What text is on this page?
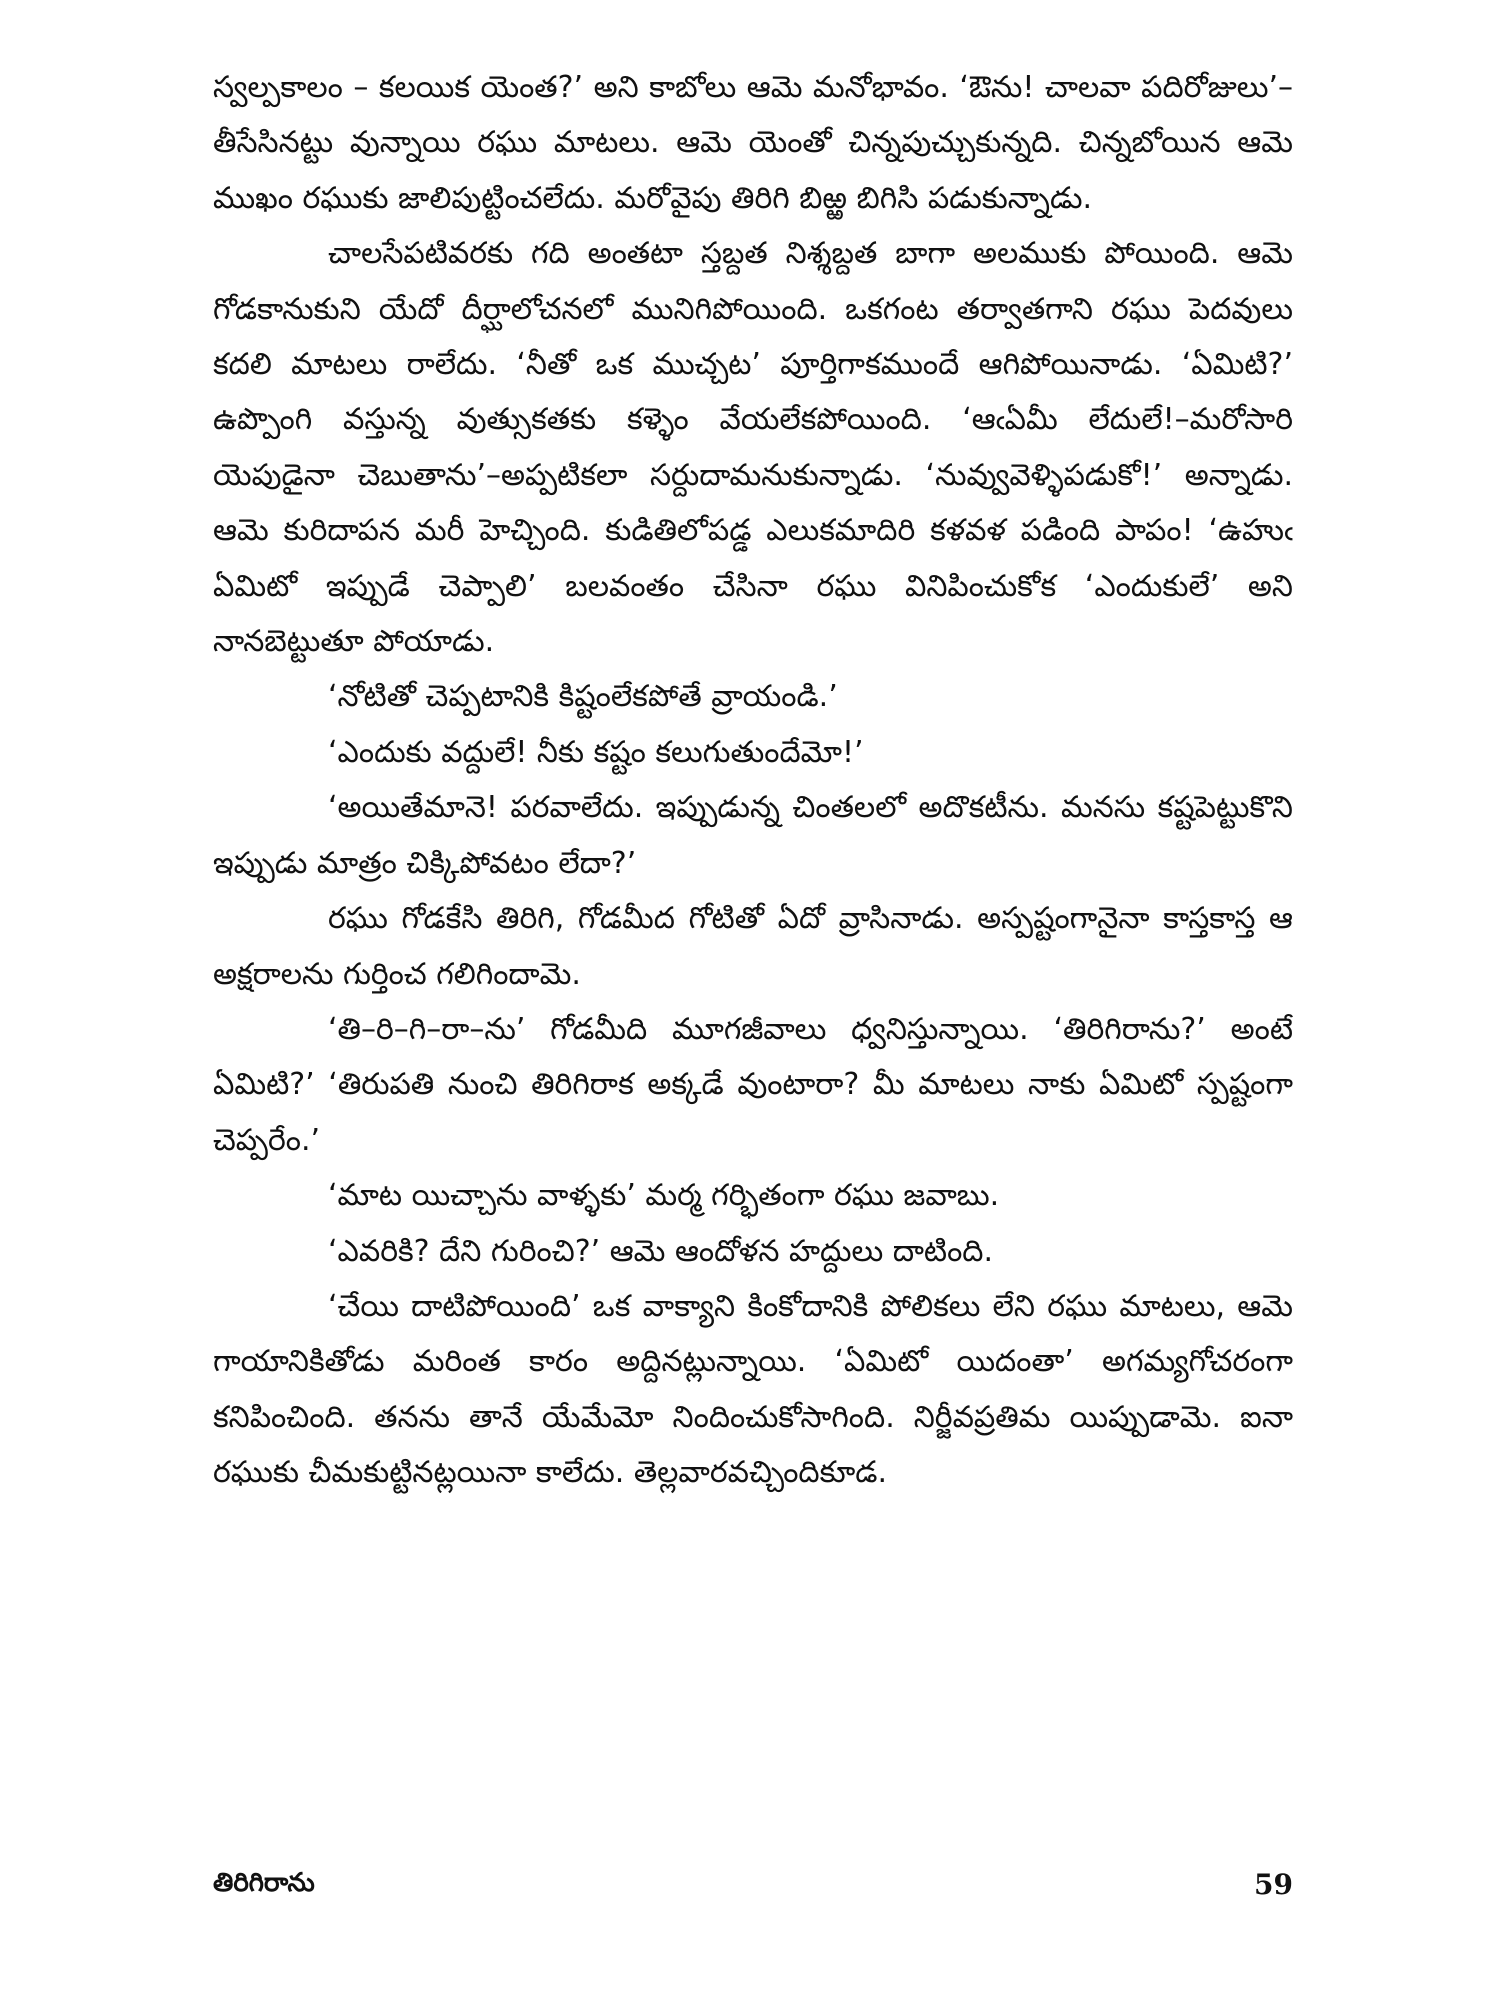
స్వల్పకాలం – కలయిక యెంత?’ అని కాబోలు ఆమె మనోభావం. ‘ఔను! చాలవా పదిరోజులు’–తీసేసినట్టు వున్నాయి రఘు మాటలు. ఆమె యెంతో చిన్నపుచ్చుకున్నది. చిన్నబోయిన ఆమె ముఖం రఘుకు జాలిపుట్టించలేదు. మరోవైపు తిరిగి బిఱ్ఱ బిగిసి పడుకున్నాడు.

చాలసేపటివరకు గది అంతటా స్తబ్దత నిశ్శబ్దత బాగా అలముకు పోయింది. ఆమె గోడకానుకుని యేదో దీర్ఘాలోచనలో మునిగిపోయింది. ఒకగంట తర్వాతగాని రఘు పెదవులు కదలి మాటలు రాలేదు. ‘నీతో ఒక ముచ్చట’ పూర్తిగాకముందే ఆగిపోయినాడు. ‘ఏమిటి?’ ఉప్పొంగి వస్తున్న వుత్సుకతకు కళ్ళెం వేయలేకపోయింది. ‘ఆఁఏమీ లేదులే!–మరోసారి యెపుడైనా చెబుతాను’–అప్పటికలా సర్దుదామనుకున్నాడు. ‘నువ్వువెళ్ళిపడుకో!’ అన్నాడు. ఆమె కురిదాపన మరీ హెచ్చింది. కుడితిలోపడ్డ ఎలుకమాదిరి కళవళ పడింది పాపం! ‘ఉహుఁ ఏమిటో ఇప్పుడే చెప్పాలి’ బలవంతం చేసినా రఘు వినిపించుకోక ‘ఎందుకులే’ అని నానబెట్టుతూ పోయాడు.

‘నోటితో చెప్పటానికి కిష్టంలేకపోతే వ్రాయండి.’

‘ఎందుకు వద్దులే! నీకు కష్టం కలుగుతుందేమో!’

‘అయితేమానె! పరవాలేదు. ఇప్పుడున్న చింతలలో అదొకటీను. మనసు కష్టపెట్టుకొని ఇప్పుడు మాత్రం చిక్కిపోవటం లేదా?’

రఘు గోడకేసి తిరిగి, గోడమీద గోటితో ఏదో వ్రాసినాడు. అస్పష్టంగానైనా కాస్తకాస్త ఆ అక్షరాలను గుర్తించ గలిగిందామె.

‘తి–రి–గి–రా–ను’ గోడమీది మూగజీవాలు ధ్వనిస్తున్నాయి. ‘తిరిగిరాను?’ అంటే ఏమిటి?’ ‘తిరుపతి నుంచి తిరిగిరాక అక్కడే వుంటారా? మీ మాటలు నాకు ఏమిటో స్పష్టంగా చెప్పరేం.’

‘మాట యిచ్చాను వాళ్ళకు’ మర్మ గర్భితంగా రఘు జవాబు.

‘ఎవరికి? దేని గురించి?’ ఆమె ఆందోళన హద్దులు దాటింది.

‘చేయి దాటిపోయింది’ ఒక వాక్యాని కింకోదానికి పోలికలు లేని రఘు మాటలు, ఆమె గాయానికితోడు మరింత కారం అద్దినట్లున్నాయి. ‘ఏమిటో యిదంతా’ అగమ్యగోచరంగా కనిపించింది. తనను తానే యేమేమో నిందించుకోసాగింది. నిర్జీవప్రతిమ యిప్పుడామె. ఐనా రఘుకు చీమకుట్టినట్లయినా కాలేదు. తెల్లవారవచ్చిందికూడ.

తిరిగిరాను	59
